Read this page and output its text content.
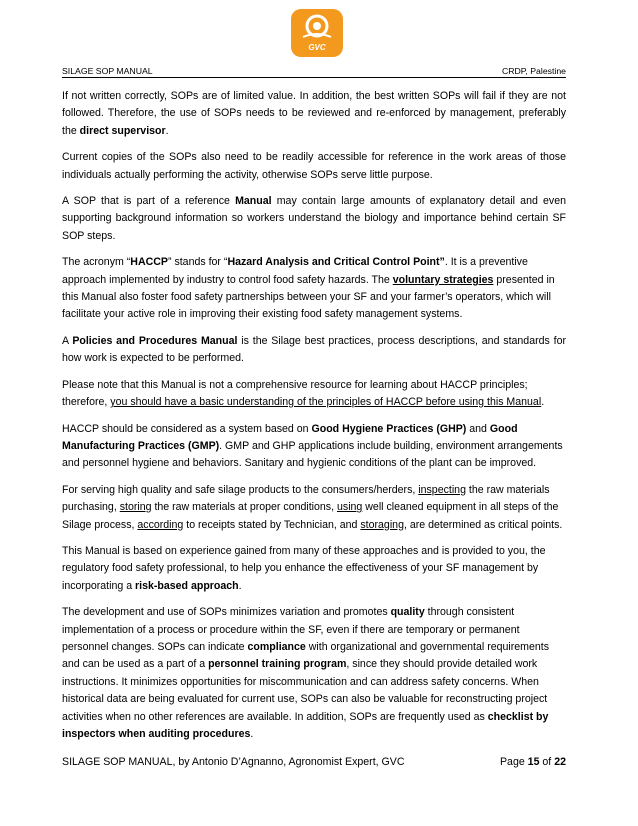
GVC
SILAGE SOP MANUAL	CRDP, Palestine

If not written correctly, SOPs are of limited value. In addition, the best written SOPs will fail if they are not followed. Therefore, the use of SOPs needs to be reviewed and re-enforced by management, preferably the direct supervisor.

Current copies of the SOPs also need to be readily accessible for reference in the work areas of those individuals actually performing the activity, otherwise SOPs serve little purpose.

A SOP that is part of a reference Manual may contain large amounts of explanatory detail and even supporting background information so workers understand the biology and importance behind certain SF SOP steps.

The acronym “HACCP” stands for “Hazard Analysis and Critical Control Point”. It is a preventive approach implemented by industry to control food safety hazards. The voluntary strategies presented in this Manual also foster food safety partnerships between your SF and your farmer’s operators, which will facilitate your active role in improving their existing food safety management systems.

A Policies and Procedures Manual is the Silage best practices, process descriptions, and standards for how work is expected to be performed.

Please note that this Manual is not a comprehensive resource for learning about HACCP principles; therefore, you should have a basic understanding of the principles of HACCP before using this Manual.

HACCP should be considered as a system based on Good Hygiene Practices (GHP) and Good Manufacturing Practices (GMP). GMP and GHP applications include building, environment arrangements and personnel hygiene and behaviors. Sanitary and hygienic conditions of the plant can be improved.

For serving high quality and safe silage products to the consumers/herders, inspecting the raw materials purchasing, storing the raw materials at proper conditions, using well cleaned equipment in all steps of the Silage process, according to receipts stated by Technician, and storaging, are determined as critical points.

This Manual is based on experience gained from many of these approaches and is provided to you, the regulatory food safety professional, to help you enhance the effectiveness of your SF management by incorporating a risk-based approach.

The development and use of SOPs minimizes variation and promotes quality through consistent implementation of a process or procedure within the SF, even if there are temporary or permanent personnel changes. SOPs can indicate compliance with organizational and governmental requirements and can be used as a part of a personnel training program, since they should provide detailed work instructions. It minimizes opportunities for miscommunication and can address safety concerns. When historical data are being evaluated for current use, SOPs can also be valuable for reconstructing project activities when no other references are available. In addition, SOPs are frequently used as checklist by inspectors when auditing procedures.

SILAGE SOP MANUAL, by Antonio D’Agnanno, Agronomist Expert, GVC	Page 15 of 22
